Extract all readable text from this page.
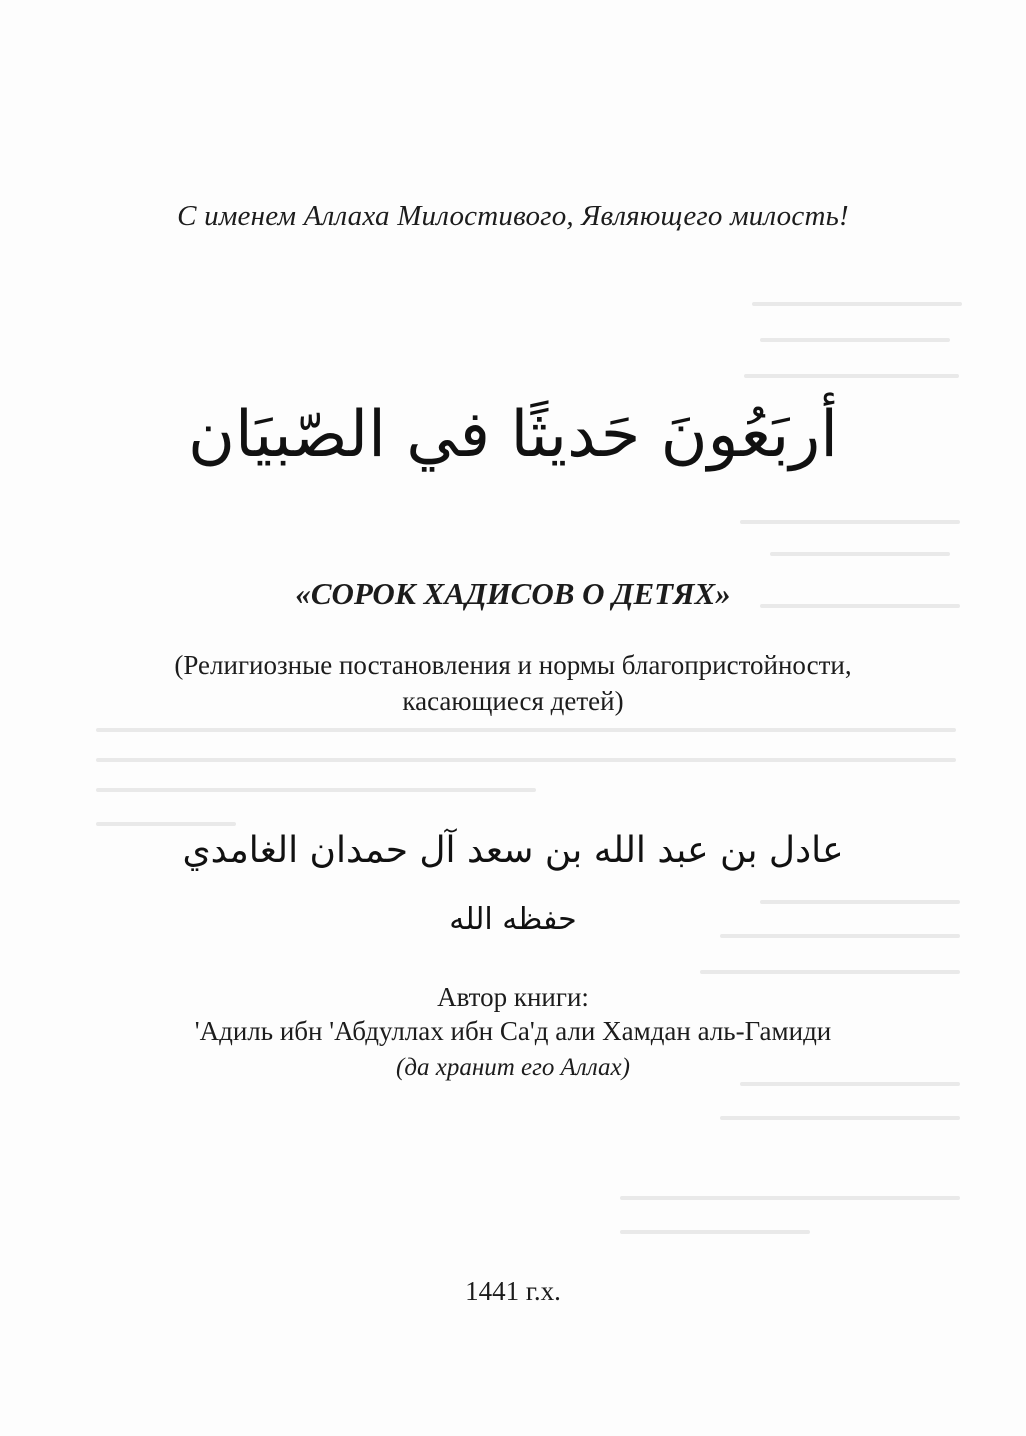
С именем Аллаха Милостивого, Являющего милость!
أربَعُونَ حَديثًا في الصّبيَان
«СОРОК ХАДИСОВ О ДЕТЯХ»
(Религиозные постановления и нормы благопристойности,
касающиеся детей)
عادل بن عبد الله بن سعد آل حمدان الغامدي
حفظه الله
Автор книги:
'Адиль ибн 'Абдуллах ибн Са'д али Хамдан аль-Гамиди
(да хранит его Аллах)
1441 г.х.
